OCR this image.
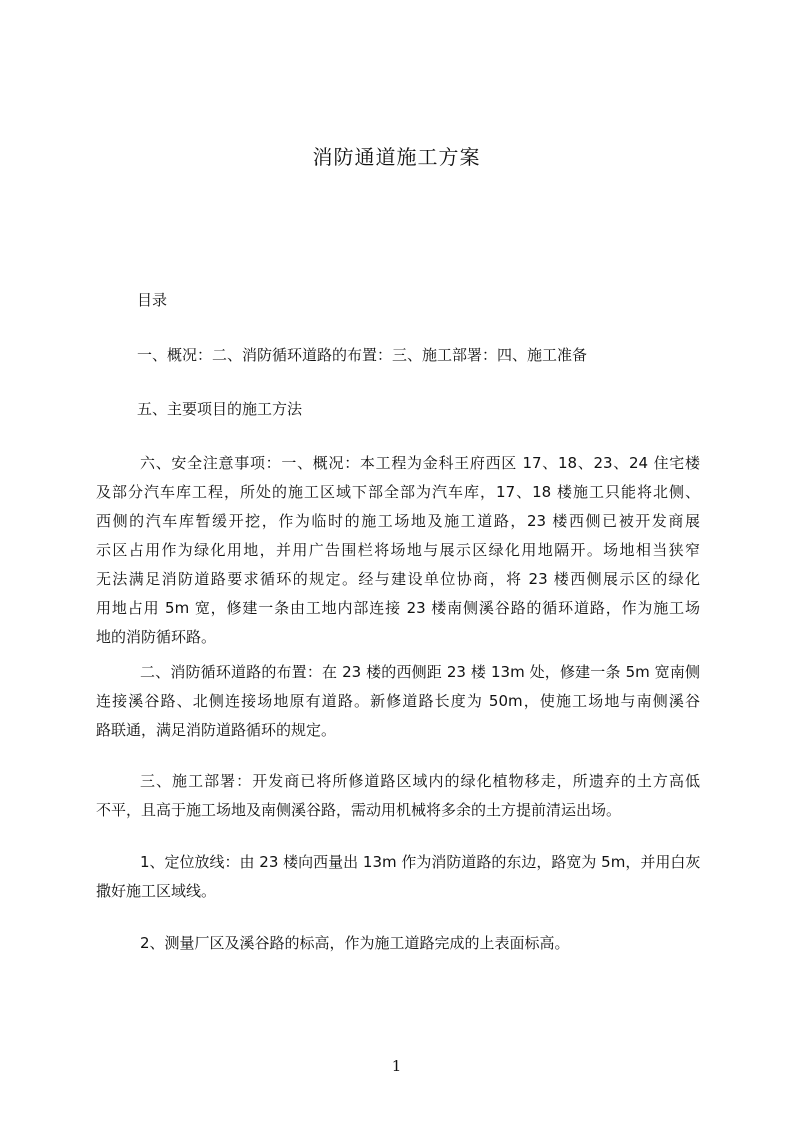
消防通道施工方案
目录
一、概况：二、消防循环道路的布置：三、施工部署：四、施工准备
五、主要项目的施工方法
六、安全注意事项：一、概况：本工程为金科王府西区 17、18、23、24 住宅楼
及部分汽车库工程，所处的施工区域下部全部为汽车库，17、18 楼施工只能将北侧、
西侧的汽车库暂缓开挖，作为临时的施工场地及施工道路，23 楼西侧已被开发商展
示区占用作为绿化用地，并用广告围栏将场地与展示区绿化用地隔开。场地相当狭窄
无法满足消防道路要求循环的规定。经与建设单位协商，将 23 楼西侧展示区的绿化
用地占用 5m 宽，修建一条由工地内部连接 23 楼南侧溪谷路的循环道路，作为施工场
地的消防循环路。
二、消防循环道路的布置：在 23 楼的西侧距 23 楼 13m 处，修建一条 5m 宽南侧
连接溪谷路、北侧连接场地原有道路。新修道路长度为 50m，使施工场地与南侧溪谷
路联通，满足消防道路循环的规定。
三、施工部署：开发商已将所修道路区域内的绿化植物移走，所遗弃的土方高低
不平，且高于施工场地及南侧溪谷路，需动用机械将多余的土方提前清运出场。
1、定位放线：由 23 楼向西量出 13m 作为消防道路的东边，路宽为 5m，并用白灰
撒好施工区域线。
2、测量厂区及溪谷路的标高，作为施工道路完成的上表面标高。
1
